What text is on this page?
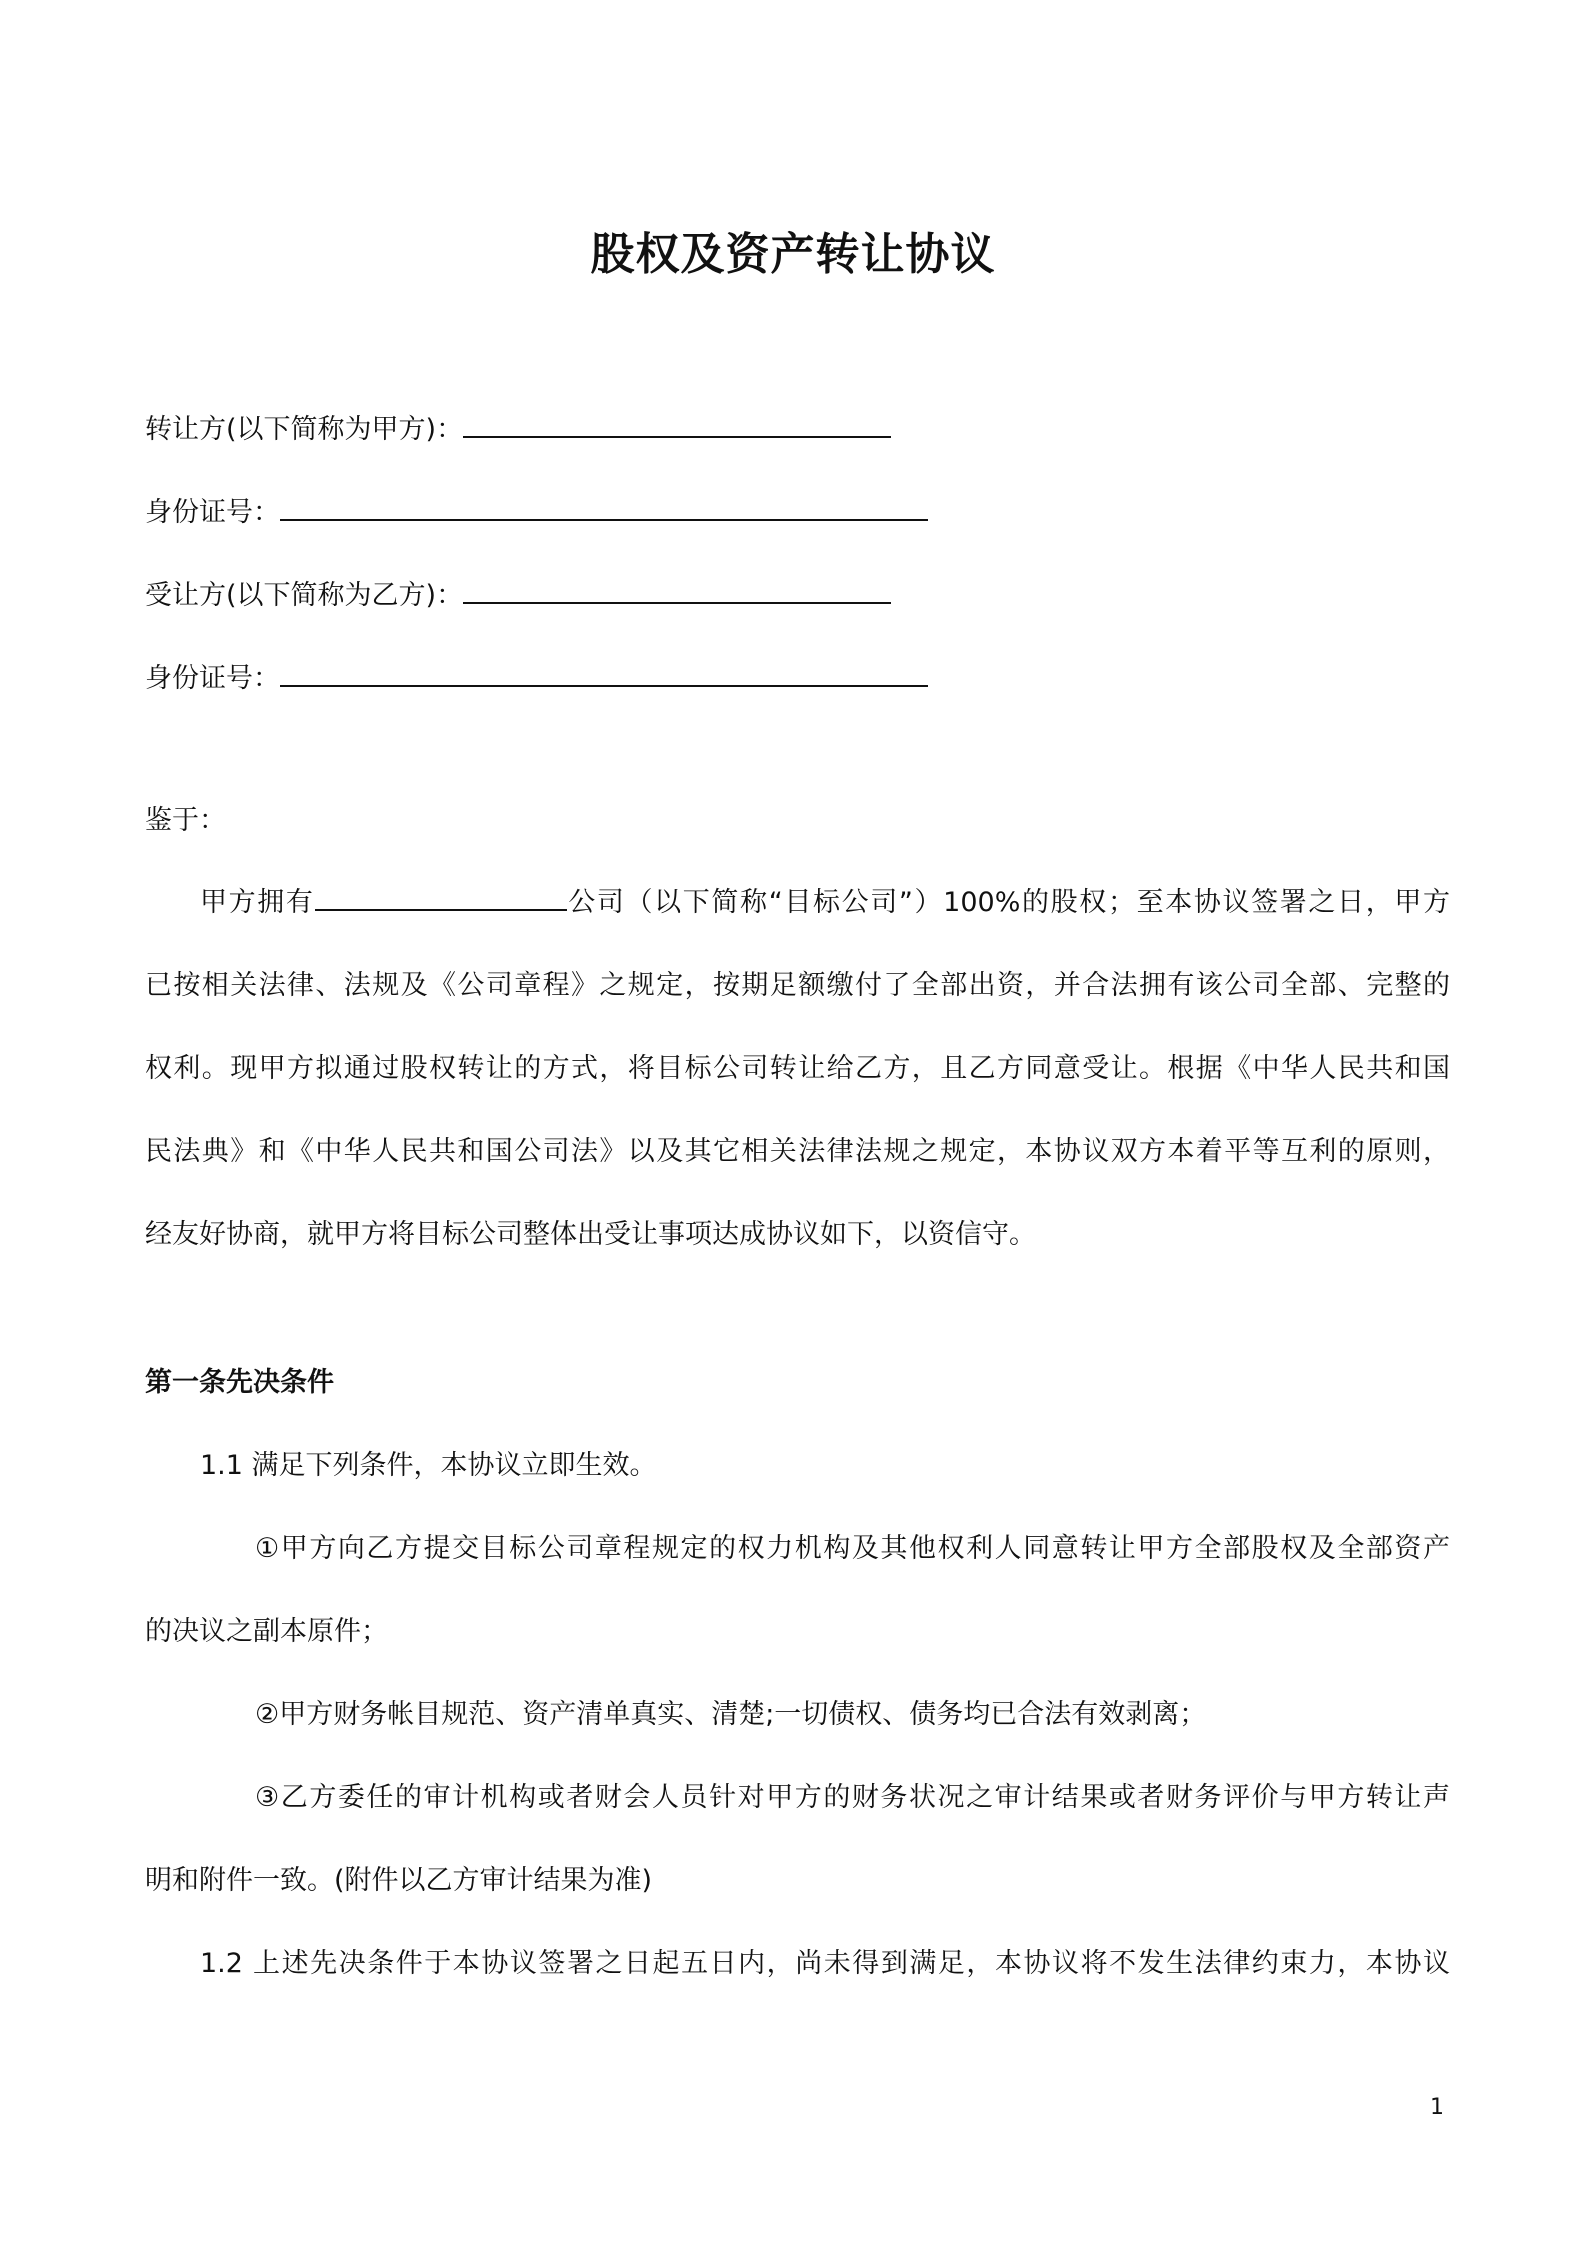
股权及资产转让协议
转让方(以下简称为甲方)：
身份证号：
受让方(以下简称为乙方)：
身份证号：
鉴于：
甲方拥有	公司（以下简称“目标公司”）100%的股权；至本协议签署之日，甲方
已按相关法律、法规及《公司章程》之规定，按期足额缴付了全部出资，并合法拥有该公司全部、完整的
权利。现甲方拟通过股权转让的方式，将目标公司转让给乙方，且乙方同意受让。根据《中华人民共和国
民法典》和《中华人民共和国公司法》以及其它相关法律法规之规定，本协议双方本着平等互利的原则，
经友好协商，就甲方将目标公司整体出受让事项达成协议如下，以资信守。
第一条先决条件
1.1 满足下列条件，本协议立即生效。
①甲方向乙方提交目标公司章程规定的权力机构及其他权利人同意转让甲方全部股权及全部资产
的决议之副本原件；
②甲方财务帐目规范、资产清单真实、清楚;一切债权、债务均已合法有效剥离；
③乙方委任的审计机构或者财会人员针对甲方的财务状况之审计结果或者财务评价与甲方转让声
明和附件一致。(附件以乙方审计结果为准)
1.2 上述先决条件于本协议签署之日起五日内，尚未得到满足，本协议将不发生法律约束力，本协议
1
